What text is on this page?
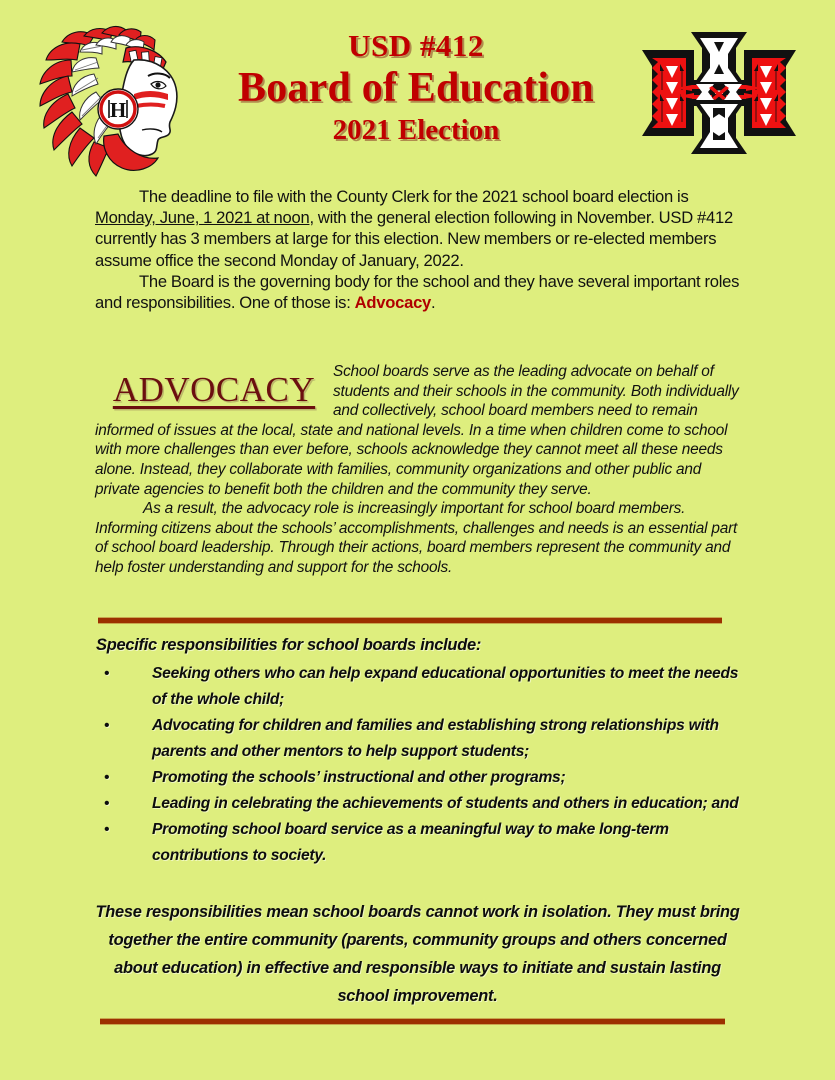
H
USD #412
Board of Education
2021 Election

The deadline to file with the County Clerk for the 2021 school board election is Monday, June, 1 2021 at noon, with the general election following in November. USD #412 currently has 3 members at large for this election. New members or re-elected members assume office the second Monday of January, 2022.

The Board is the governing body for the school and they have several important roles and responsibilities. One of those is: Advocacy.

ADVOCACY	School boards serve as the leading advocate on behalf of students and their schools in the community. Both individually and collectively, school board members need to remain informed of issues at the local, state and national levels. In a time when children come to school with more challenges than ever before, schools acknowledge they cannot meet all these needs alone. Instead, they collaborate with families, community organizations and other public and private agencies to benefit both the children and the community they serve.

As a result, the advocacy role is increasingly important for school board members. Informing citizens about the schools’ accomplishments, challenges and needs is an essential part of school board leadership. Through their actions, board members represent the community and help foster understanding and support for the schools.

Specific responsibilities for school boards include:
•	Seeking others who can help expand educational opportunities to meet the needs of the whole child;
•	Advocating for children and families and establishing strong relationships with parents and other mentors to help support students;
•	Promoting the schools’ instructional and other programs;
•	Leading in celebrating the achievements of students and others in education; and
•	Promoting school board service as a meaningful way to make long-term contributions to society.
These responsibilities mean school boards cannot work in isolation. They must bring together the entire community (parents, community groups and others concerned about education) in effective and responsible ways to initiate and sustain lasting school improvement.
